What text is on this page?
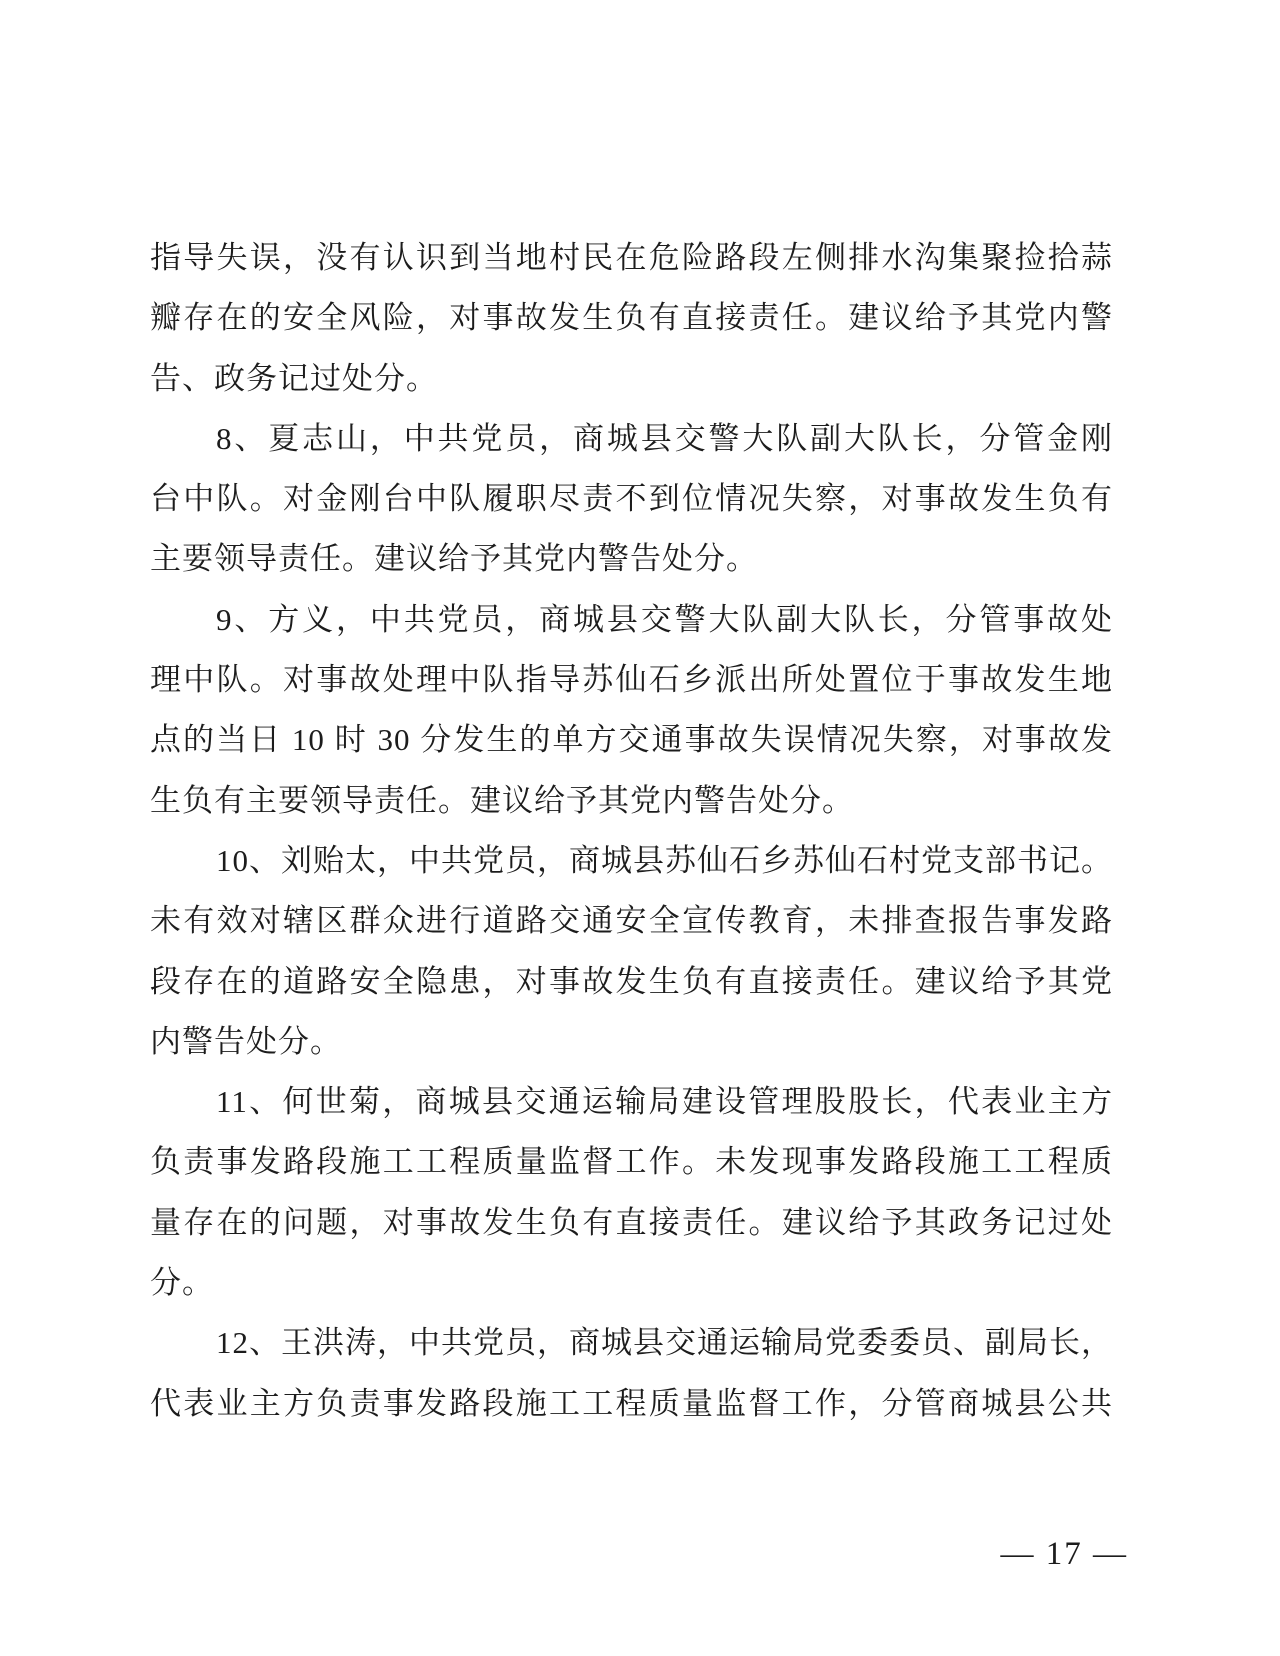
指导失误，没有认识到当地村民在危险路段左侧排水沟集聚捡拾蒜
瓣存在的安全风险，对事故发生负有直接责任。建议给予其党内警
告、政务记过处分。
8、夏志山，中共党员，商城县交警大队副大队长，分管金刚
台中队。对金刚台中队履职尽责不到位情况失察，对事故发生负有
主要领导责任。建议给予其党内警告处分。
9、方义，中共党员，商城县交警大队副大队长，分管事故处
理中队。对事故处理中队指导苏仙石乡派出所处置位于事故发生地
点的当日 10 时 30 分发生的单方交通事故失误情况失察，对事故发
生负有主要领导责任。建议给予其党内警告处分。
10、刘贻太，中共党员，商城县苏仙石乡苏仙石村党支部书记。
未有效对辖区群众进行道路交通安全宣传教育，未排查报告事发路
段存在的道路安全隐患，对事故发生负有直接责任。建议给予其党
内警告处分。
11、何世菊，商城县交通运输局建设管理股股长，代表业主方
负责事发路段施工工程质量监督工作。未发现事发路段施工工程质
量存在的问题，对事故发生负有直接责任。建议给予其政务记过处
分。
12、王洪涛，中共党员，商城县交通运输局党委委员、副局长，
代表业主方负责事发路段施工工程质量监督工作，分管商城县公共
— 17 —
